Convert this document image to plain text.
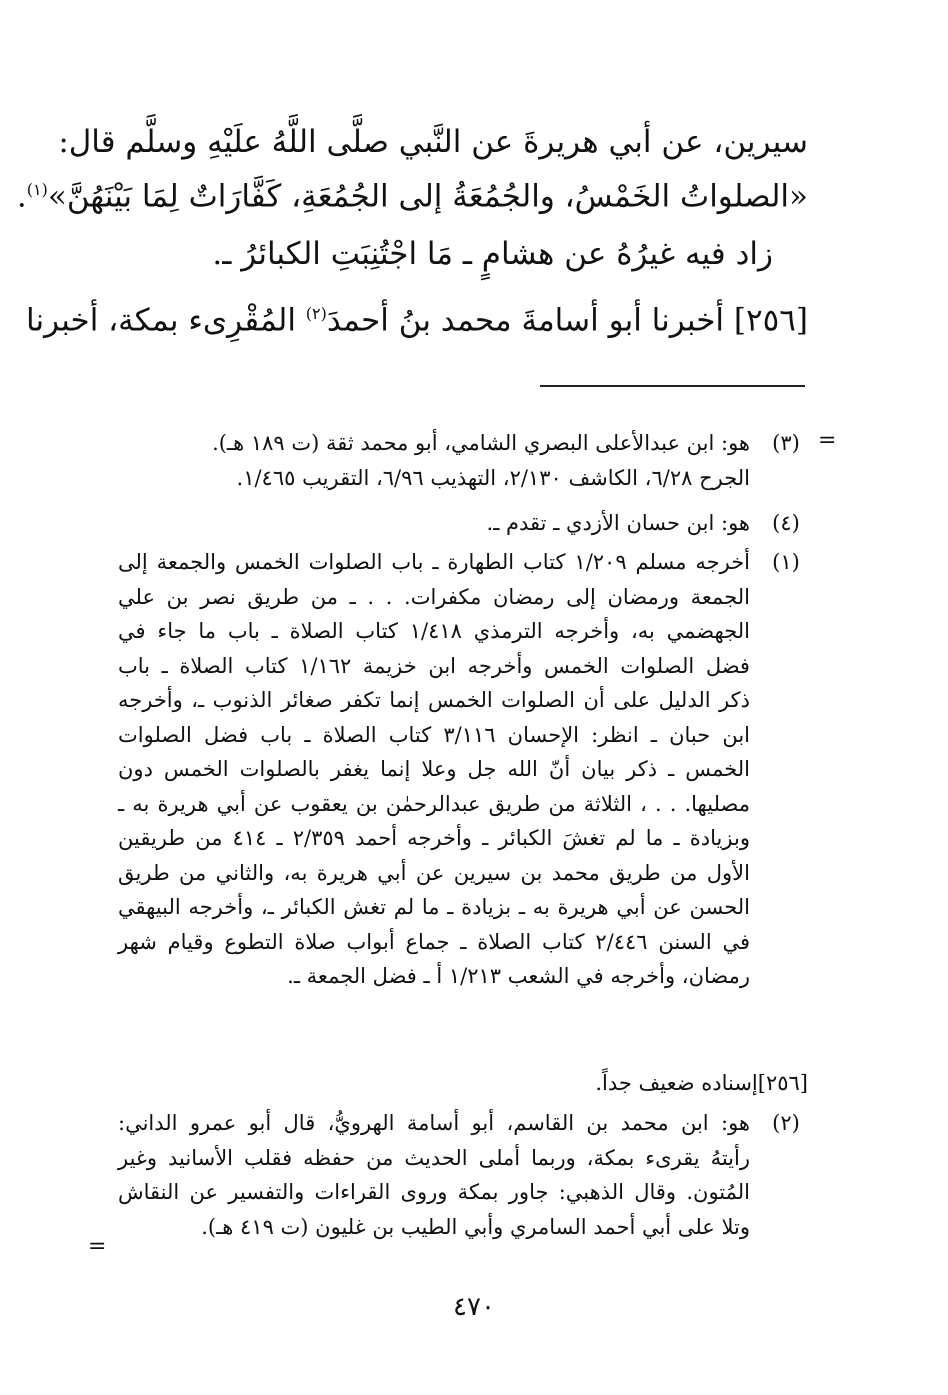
سيرين، عن أبي هريرةَ عن النَّبي صلَّى اللَّهُ علَيْهِ وسلَّم قال:
«الصلواتُ الخَمْسُ، والجُمُعَةُ إلى الجُمُعَةِ، كَفَّارَاتٌ لِمَا بَيْنَهُنَّ»$^{(١)}$.
زاد فيه غيرُهُ عن هشامٍ ـ مَا اجْتُنِبَتِ الكبائرُ ـ.
[٢٥٦] أخبرنا أبو أسامةَ محمد بنُ أحمدَ$^{(٢)}$ المُقْرِىء بمكة، أخبرنا
=
(٣)
هو: ابن عبدالأعلى البصري الشامي، أبو محمد ثقة (ت ١٨٩ هـ).
الجرح ٦/٢٨، الكاشف ٢/١٣٠، التهذيب ٦/٩٦، التقريب ١/٤٦٥.
(٤)
هو: ابن حسان الأزدي ـ تقدم ـ.
(١)
أخرجه مسلم ١/٢٠٩ كتاب الطهارة ـ باب الصلوات الخمس والجمعة إلى
الجمعة ورمضان إلى رمضان مكفرات. . . ـ من طريق نصر بن علي
الجهضمي به، وأخرجه الترمذي ١/٤١٨ كتاب الصلاة ـ باب ما جاء في
فضل الصلوات الخمس وأخرجه ابن خزيمة ١/١٦٢ كتاب الصلاة ـ باب
ذكر الدليل على أن الصلوات الخمس إنما تكفر صغائر الذنوب ـ، وأخرجه
ابن حبان ـ انظر: الإحسان ٣/١١٦ كتاب الصلاة ـ باب فضل الصلوات
الخمس ـ ذكر بيان أنّ الله جل وعلا إنما يغفر بالصلوات الخمس دون
مصليها. . . ، الثلاثة من طريق عبدالرحمٰن بن يعقوب عن أبي هريرة به ـ
وبزيادة ـ ما لم تغشَ الكبائر ـ وأخرجه أحمد ٢/٣٥٩ ـ ٤١٤ من طريقين
الأول من طريق محمد بن سيرين عن أبي هريرة به، والثاني من طريق
الحسن عن أبي هريرة به ـ بزيادة ـ ما لم تغش الكبائر ـ، وأخرجه البيهقي
في السنن ٢/٤٤٦ كتاب الصلاة ـ جماع أبواب صلاة التطوع وقيام شهر
رمضان، وأخرجه في الشعب ١/٢١٣ أ ـ فضل الجمعة ـ.
[٢٥٦]إسناده ضعيف جداً.
(٢)
هو: ابن محمد بن القاسم، أبو أسامة الهرويُّ، قال أبو عمرو الداني:
رأيتهُ يقرىء بمكة، وربما أملى الحديث من حفظه فقلب الأسانيد وغير
المُتون. وقال الذهبي: جاور بمكة وروى القراءات والتفسير عن النقاش
وتلا على أبي أحمد السامري وأبي الطيب بن غليون (ت ٤١٩ هـ).
=
٤٧٠
